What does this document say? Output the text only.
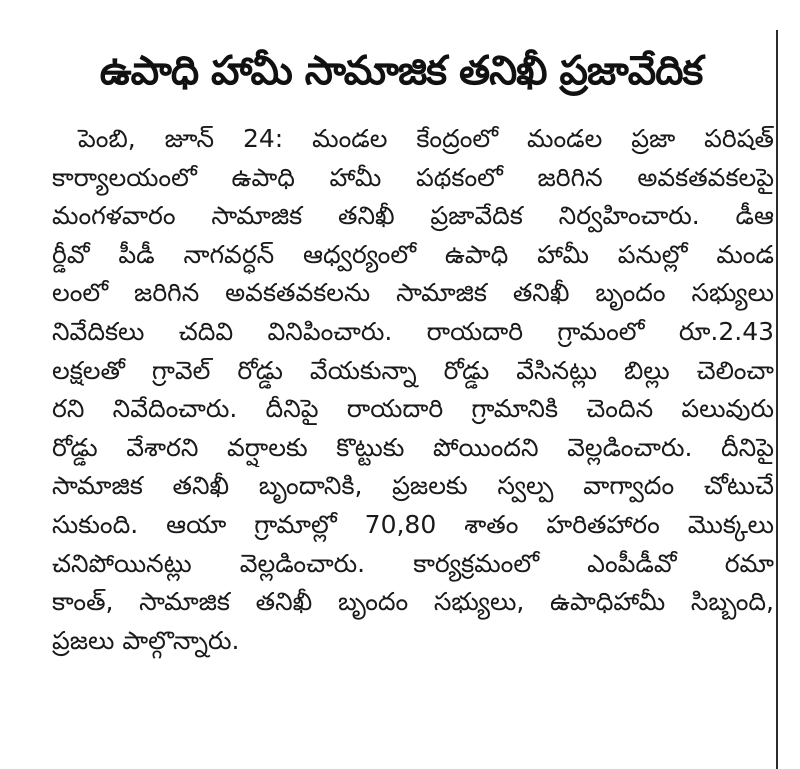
ఉపాధి హామీ సామాజిక తనిఖీ ప్రజావేదిక
పెంబి, జూన్ 24: మండల కేంద్రంలో మండల ప్రజా పరిషత్
కార్యాలయంలో ఉపాధి హామీ పథకంలో జరిగిన అవకతవకలపై
మంగళవారం సామాజిక తనిఖీ ప్రజావేదిక నిర్వహించారు. డీఆ
ర్డీవో పీడీ నాగవర్ధన్ ఆధ్వర్యంలో ఉపాధి హామీ పనుల్లో మండ
లంలో జరిగిన అవకతవకలను సామాజిక తనిఖీ బృందం సభ్యులు
నివేదికలు చదివి వినిపించారు. రాయదారి గ్రామంలో రూ.2.43
లక్షలతో గ్రావెల్ రోడ్డు వేయకున్నా రోడ్డు వేసినట్లు బిల్లు చెలించా
రని నివేదించారు. దీనిపై రాయదారి గ్రామానికి చెందిన పలువురు
రోడ్డు వేశారని వర్షాలకు కొట్టుకు పోయిందని వెల్లడించారు. దీనిపై
సామాజిక తనిఖీ బృందానికి, ప్రజలకు స్వల్ప వాగ్వాదం చోటుచే
సుకుంది. ఆయా గ్రామాల్లో 70,80 శాతం హరితహారం మొక్కలు
చనిపోయినట్లు వెల్లడించారు. కార్యక్రమంలో ఎంపీడీవో రమా
కాంత్, సామాజిక తనిఖీ బృందం సభ్యులు, ఉపాధిహామీ సిబ్బంది,
ప్రజలు పాల్గొన్నారు.
